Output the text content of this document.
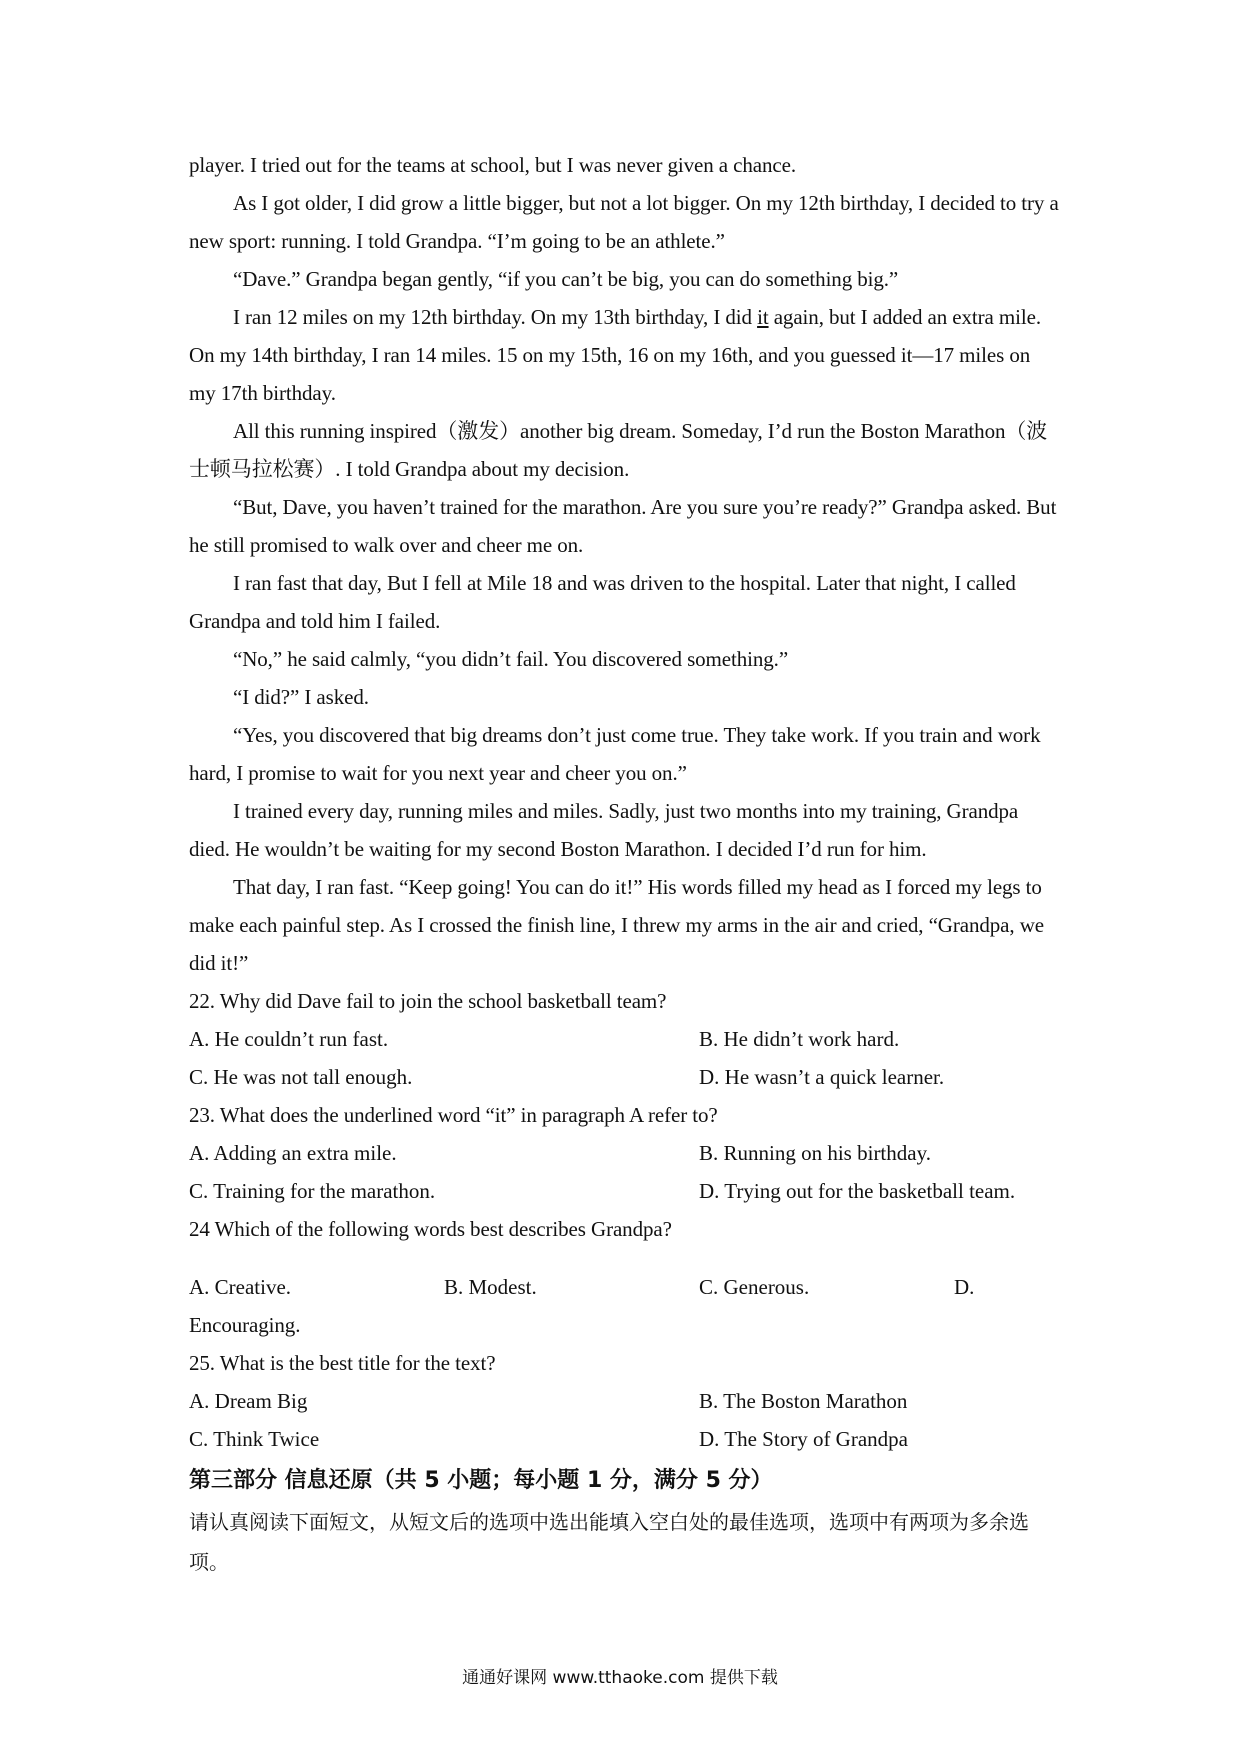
player. I tried out for the teams at school, but I was never given a chance.

As I got older, I did grow a little bigger, but not a lot bigger. On my 12th birthday, I decided to try a new sport: running. I told Grandpa. “I’m going to be an athlete.”

“Dave.” Grandpa began gently, “if you can’t be big, you can do something big.”

I ran 12 miles on my 12th birthday. On my 13th birthday, I did it again, but I added an extra mile. On my 14th birthday, I ran 14 miles. 15 on my 15th, 16 on my 16th, and you guessed it—17 miles on my 17th birthday.

All this running inspired（激发）another big dream. Someday, I’d run the Boston Marathon（波士顿马拉松赛）. I told Grandpa about my decision.

“But, Dave, you haven’t trained for the marathon. Are you sure you’re ready?” Grandpa asked. But he still promised to walk over and cheer me on.

I ran fast that day, But I fell at Mile 18 and was driven to the hospital. Later that night, I called Grandpa and told him I failed.

“No,” he said calmly, “you didn’t fail. You discovered something.”

“I did?” I asked.

“Yes, you discovered that big dreams don’t just come true. They take work. If you train and work hard, I promise to wait for you next year and cheer you on.”

I trained every day, running miles and miles. Sadly, just two months into my training, Grandpa died. He wouldn’t be waiting for my second Boston Marathon. I decided I’d run for him.

That day, I ran fast. “Keep going! You can do it!” His words filled my head as I forced my legs to make each painful step. As I crossed the finish line, I threw my arms in the air and cried, “Grandpa, we did it!”

22. Why did Dave fail to join the school basketball team?

A. He couldn’t run fast.	B. He didn’t work hard.
C. He was not tall enough.	D. He wasn’t a quick learner.

23. What does the underlined word “it” in paragraph A refer to?

A. Adding an extra mile.	B. Running on his birthday.
C. Training for the marathon.	D. Trying out for the basketball team.

24 Which of the following words best describes Grandpa?

A. Creative.	B. Modest.	C. Generous.	D.

Encouraging.

25. What is the best title for the text?

A. Dream Big	B. The Boston Marathon
C. Think Twice	D. The Story of Grandpa
第三部分 信息还原（共 5 小题；每小题 1 分，满分 5 分）
请认真阅读下面短文，从短文后的选项中选出能填入空白处的最佳选项，选项中有两项为多余选项。
通通好课网 www.tthaoke.com 提供下载
